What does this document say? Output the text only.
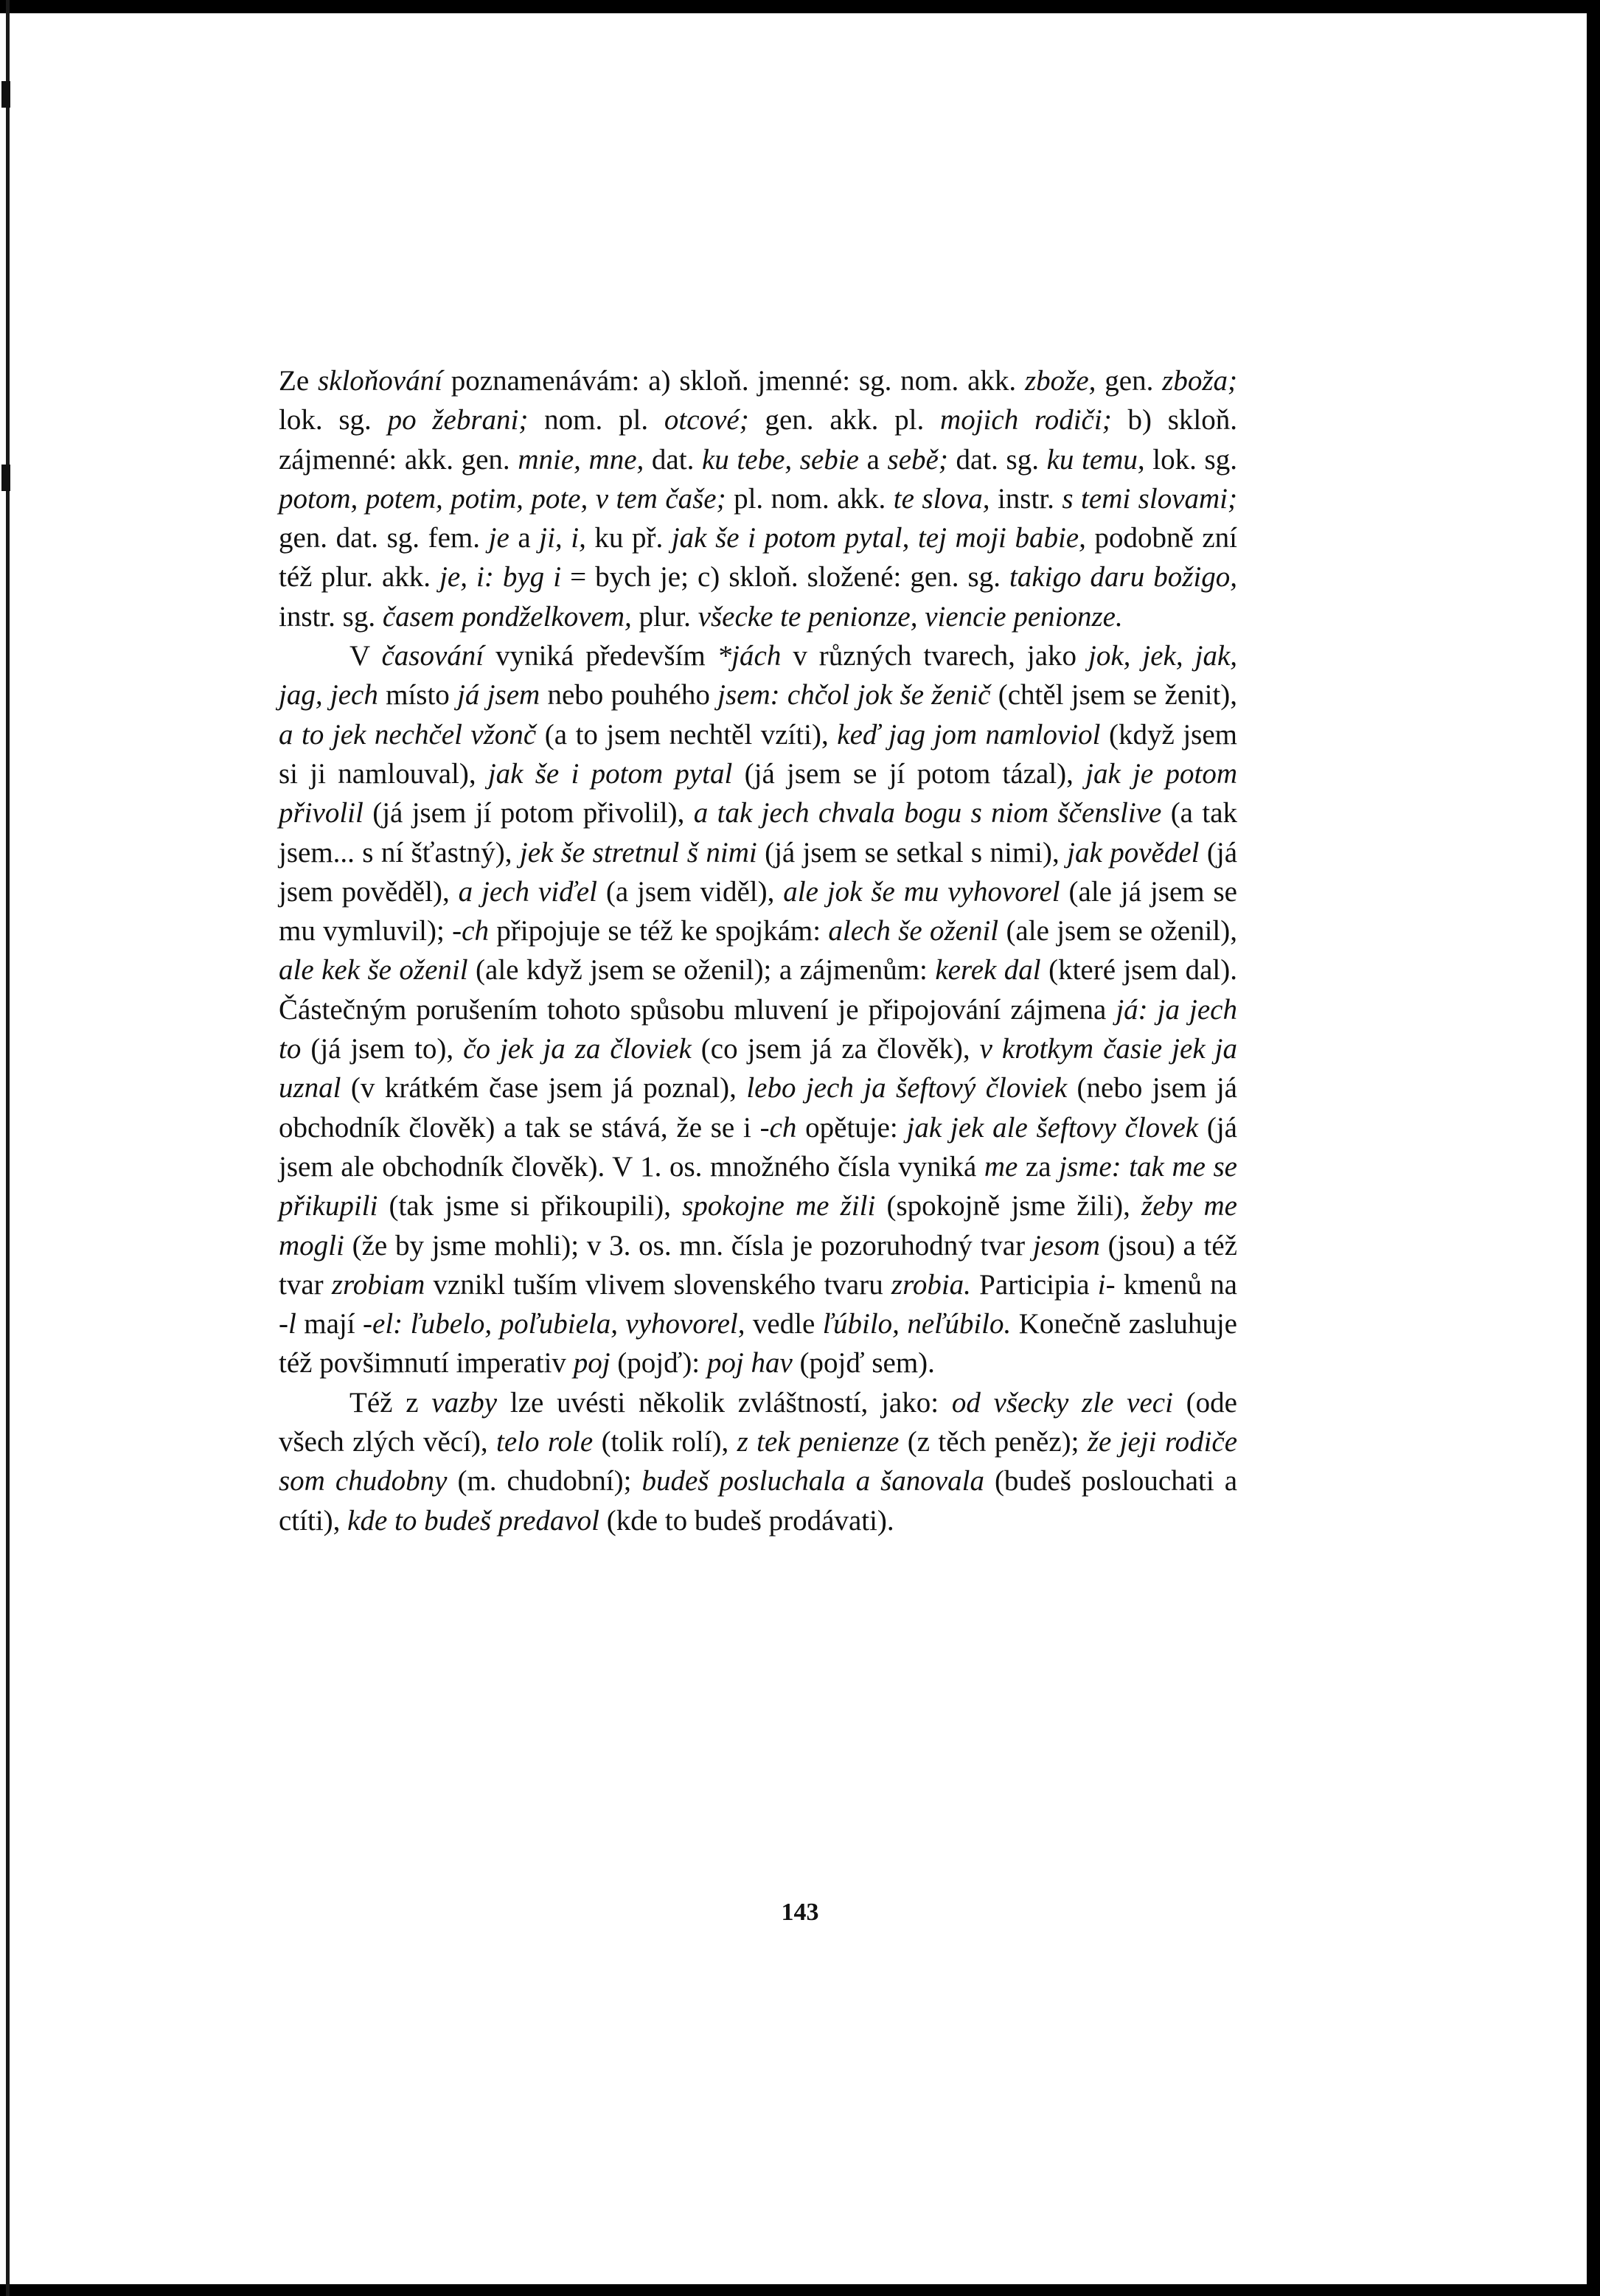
Ze skloňování poznamenávám: a) skloň. jmenné: sg. nom. akk. zbože, gen. zboža; lok. sg. po žebrani; nom. pl. otcové; gen. akk. pl. mojich rodiči; b) skloň. zájmenné: akk. gen. mnie, mne, dat. ku tebe, sebie a sebě; dat. sg. ku temu, lok. sg. potom, potem, potim, pote, v tem čaše; pl. nom. akk. te slova, instr. s temi slovami; gen. dat. sg. fem. je a ji, i, ku př. jak še i potom pytal, tej moji babie, podobně zní též plur. akk. je, i: byg i = bych je; c) skloň. složené: gen. sg. takigo daru božigo, instr. sg. časem pondželkovem, plur. všecke te penionze, viencie penionze.

V časování vyniká především *jách v různých tvarech, jako jok, jek, jak, jag, jech místo já jsem nebo pouhého jsem: chčol jok še ženič (chtěl jsem se ženit), a to jek nechčel vžonč (a to jsem nechtěl vzíti), keď jag jom namloviol (když jsem si ji namlouval), jak še i potom pytal (já jsem se jí potom tázal), jak je potom přivolil (já jsem jí potom přivolil), a tak jech chvala bogu s niom ščenslive (a tak jsem... s ní šťastný), jek še stretnul š nimi (já jsem se setkal s nimi), jak povědel (já jsem pověděl), a jech viďel (a jsem viděl), ale jok še mu vyhovorel (ale já jsem se mu vymluvil); -ch připojuje se též ke spojkám: alech še oženil (ale jsem se oženil), ale kek še oženil (ale když jsem se oženil); a zájmenům: kerek dal (které jsem dal). Částečným porušením tohoto spůsobu mluvení je připojování zájmena já: ja jech to (já jsem to), čo jek ja za človiek (co jsem já za člověk), v krotkym časie jek ja uznal (v krátkém čase jsem já poznal), lebo jech ja šeftový človiek (nebo jsem já obchodník člověk) a tak se stává, že se i -ch opětuje: jak jek ale šeftovy človek (já jsem ale obchodník člověk). V 1. os. množného čísla vyniká me za jsme: tak me se přikupili (tak jsme si přikoupili), spokojne me žili (spokojně jsme žili), žeby me mogli (že by jsme mohli); v 3. os. mn. čísla je pozoruhodný tvar jesom (jsou) a též tvar zrobiam vznikl tuším vlivem slovenského tvaru zrobia. Participia i- kmenů na -l mají -el: ľubelo, poľubiela, vyhovorel, vedle ľúbilo, neľúbilo. Konečně zasluhuje též povšimnutí imperativ poj (pojď): poj hav (pojď sem).

Též z vazby lze uvésti několik zvláštností, jako: od všecky zle veci (ode všech zlých věcí), telo role (tolik rolí), z tek penienze (z těch peněz); že jeji rodiče som chudobny (m. chudobní); budeš posluchala a šanovala (budeš poslouchati a ctíti), kde to budeš predavol (kde to budeš prodávati).

143
